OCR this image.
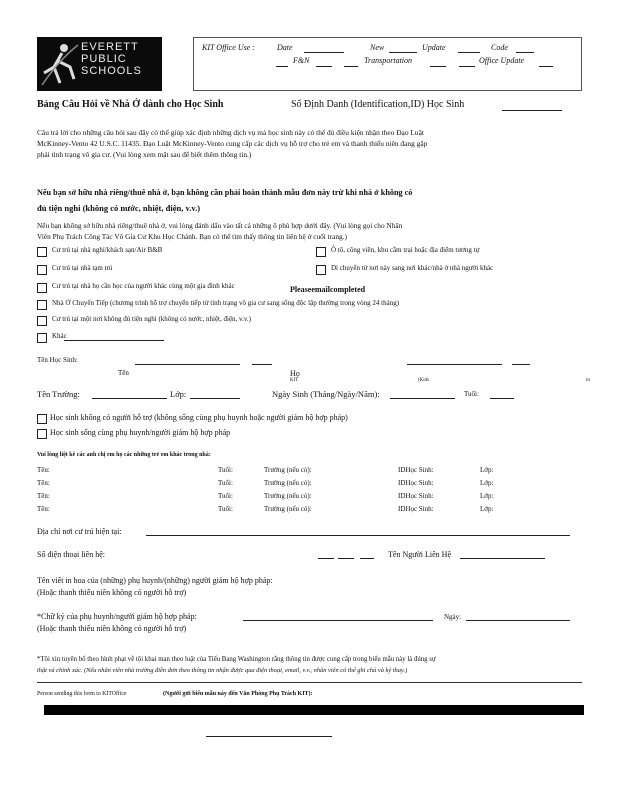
EVERETT
PUBLIC
SCHOOLS
KIT Office Use :	Date	New	Update	Code
F&N	Transportation	Office Update
Bảng Câu Hỏi về Nhà Ở dành cho Học Sinh	Số Định Danh (Identification,ID) Học Sinh
Câu trả lời cho những câu hỏi sau đây có thể giúp xác định những dịch vụ mà học sinh này có thể đủ điều kiện nhận theo Đạo Luật
McKinney-Vento 42 U.S.C. 11435. Đạo Luật McKinney-Vento cung cấp các dịch vụ hỗ trợ cho trẻ em và thanh thiếu niên đang gặp
phải tình trạng vô gia cư. (Vui lòng xem mặt sau để biết thêm thông tin.)
Nếu bạn sở hữu nhà riêng/thuê nhà ở, bạn không cần phải hoàn thành mẫu đơn này trừ khi nhà ở không có
đủ tiện nghi (không có nước, nhiệt, điện, v.v.)
Nếu bạn không sở hữu nhà riêng/thuê nhà ở, vui lòng đánh dấu vào tất cả những ô phù hợp dưới đây. (Vui lòng gọi cho Nhân
Viên Phụ Trách Công Tác Vô Gia Cư Khu Học Chánh. Bạn có thể tìm thấy thông tin liên hệ ở cuối trang.)
Cư trú tại nhà nghỉ/khách sạn/Air B&B	Ô tô, công viên, khu cắm trại hoặc địa điểm tương tự
Cư trú tại nhà tạm trú	Di chuyển từ nơi này sang nơi khác/nhà ở nhà người khác
Cư trú tại nhà họ cần học của người khác cùng một gia đình khác	Pleaseemailcompleted
Nhà Ở Chuyển Tiếp (chương trình hỗ trợ chuyển tiếp từ tình trạng vô gia cư sang sống độc lập thường trong vòng 24 tháng)
Cư trú tại một nơi không đủ tiện nghi (không có nước, nhiệt, điện, v.v.)
Khác
Tên Học Sinh:
Tên	Họ
KIT	(Kids	in
Tên Trường:	Lớp:	Ngày Sinh (Tháng/Ngày/Năm):	Tuổi:
Học sinh không có người hỗ trợ (không sống cùng phụ huynh hoặc người giám hộ hợp pháp)
Học sinh sống cùng phụ huynh/người giám hộ hợp pháp
Vui lòng liệt kê các anh chị em họ các những trẻ em khác trong nhà:
Tên:	Tuổi:	Trường (nếu có):	IDHọc Sinh:	Lớp:
Tên:	Tuổi:	Trường (nếu có):	IDHọc Sinh:	Lớp:
Tên:	Tuổi:	Trường (nếu có):	IDHọc Sinh:	Lớp:
Tên:	Tuổi:	Trường (nếu có):	IDHọc Sinh:	Lớp:
Địa chỉ nơi cư trú hiện tại:
Số điện thoại liên hệ:	Tên Người Liên Hệ
Tên viết in hoa của (những) phụ huynh/(những) người giám hộ hợp pháp:
(Hoặc thanh thiếu niên không có người hỗ trợ)
*Chữ ký của phụ huynh/người giám hộ hợp pháp:	Ngày:
(Hoặc thanh thiếu niên không có người hỗ trợ)
*Tôi xin tuyên bố theo hình phạt về tội khai man theo luật của Tiểu Bang Washington rằng thông tin được cung cấp trong biểu mẫu này là đúng sự
thật và chính xác. (Nếu nhân viên nhà trường điền đơn theo thông tin nhận được qua điện thoại, email, v.v., nhân viên có thể ghi chú và ký thay.)
Person sending this form to KITOffice	(Người gửi biểu mẫu này đến Văn Phòng Phụ Trách KIT):
